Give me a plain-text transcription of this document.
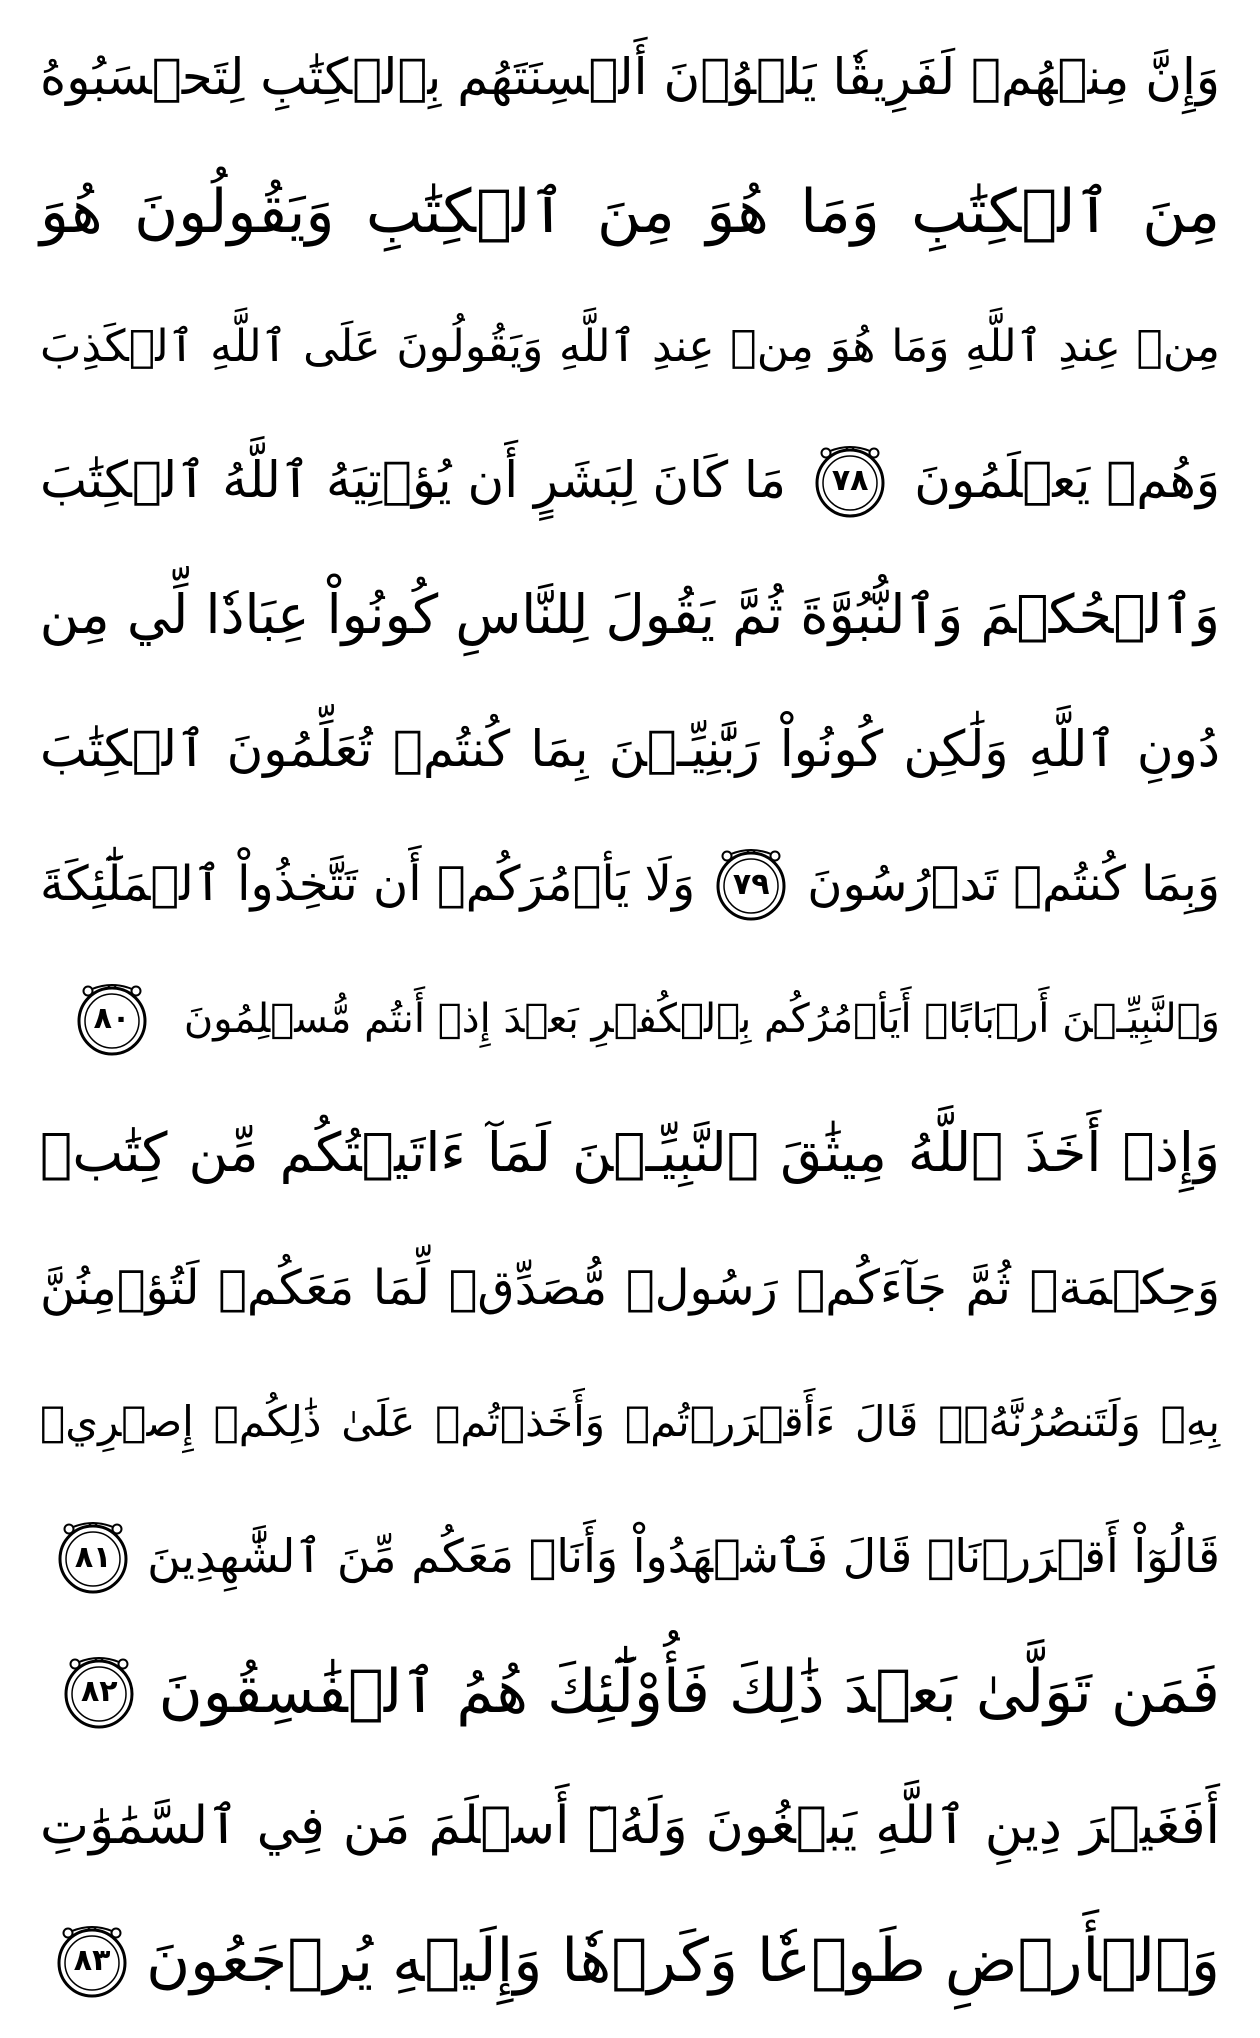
وَإِنَّ مِنۡهُمۡ لَفَرِيقٗا يَلۡوُۥنَ أَلۡسِنَتَهُم بِٱلۡكِتَٰبِ لِتَحۡسَبُوهُ
مِنَ ٱلۡكِتَٰبِ وَمَا هُوَ مِنَ ٱلۡكِتَٰبِ وَيَقُولُونَ هُوَ
مِنۡ عِندِ ٱللَّهِ وَمَا هُوَ مِنۡ عِندِ ٱللَّهِ وَيَقُولُونَ عَلَى ٱللَّهِ ٱلۡكَذِبَ
وَهُمۡ يَعۡلَمُونَ
٧٨
مَا كَانَ لِبَشَرٍ أَن يُؤۡتِيَهُ ٱللَّهُ ٱلۡكِتَٰبَ
وَٱلۡحُكۡمَ وَٱلنُّبُوَّةَ ثُمَّ يَقُولَ لِلنَّاسِ كُونُواْ عِبَادٗا لِّي مِن
دُونِ ٱللَّهِ وَلَٰكِن كُونُواْ رَبَّٰنِيِّـۧنَ بِمَا كُنتُمۡ تُعَلِّمُونَ ٱلۡكِتَٰبَ
وَبِمَا كُنتُمۡ تَدۡرُسُونَ
٧٩
وَلَا يَأۡمُرَكُمۡ أَن تَتَّخِذُواْ ٱلۡمَلَٰٓئِكَةَ
وَٱلنَّبِيِّـۧنَ أَرۡبَابًاۗ أَيَأۡمُرُكُم بِٱلۡكُفۡرِ بَعۡدَ إِذۡ أَنتُم مُّسۡلِمُونَ
٨٠
وَإِذۡ أَخَذَ ٱللَّهُ مِيثَٰقَ ٱلنَّبِيِّـۧنَ لَمَآ ءَاتَيۡتُكُم مِّن كِتَٰبٖ
وَحِكۡمَةٖ ثُمَّ جَآءَكُمۡ رَسُولٞ مُّصَدِّقٞ لِّمَا مَعَكُمۡ لَتُؤۡمِنُنَّ
بِهِۦ وَلَتَنصُرُنَّهُۥۚ قَالَ ءَأَقۡرَرۡتُمۡ وَأَخَذۡتُمۡ عَلَىٰ ذَٰلِكُمۡ إِصۡرِيۖ
قَالُوٓاْ أَقۡرَرۡنَاۚ قَالَ فَٱشۡهَدُواْ وَأَنَا۠ مَعَكُم مِّنَ ٱلشَّٰهِدِينَ
٨١
فَمَن تَوَلَّىٰ بَعۡدَ ذَٰلِكَ فَأُوْلَٰٓئِكَ هُمُ ٱلۡفَٰسِقُونَ
٨٢
أَفَغَيۡرَ دِينِ ٱللَّهِ يَبۡغُونَ وَلَهُۥٓ أَسۡلَمَ مَن فِي ٱلسَّمَٰوَٰتِ
وَٱلۡأَرۡضِ طَوۡعٗا وَكَرۡهٗا وَإِلَيۡهِ يُرۡجَعُونَ
٨٣
